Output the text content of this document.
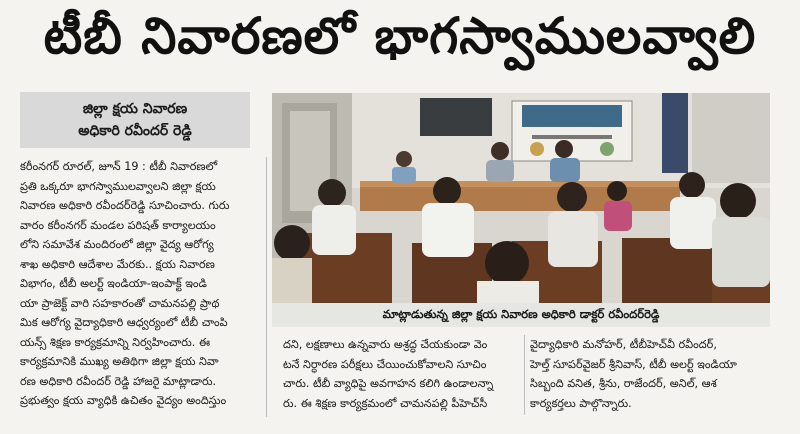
టీబీ నివారణలో భాగస్వాములవ్వాలి
జిల్లా క్షయ నివారణ
అధికారి రవీందర్ రెడ్డి

కరీంనగర్ రూరల్, జూన్ 19 : టీబీ నివారణలో

ప్రతి ఒక్కరూ భాగస్వాములవ్వాలని జిల్లా క్షయ

నివారణ అధికారి రవీందర్‌రెడ్డి సూచించారు. గురు

వారం కరీంనగర్ మండల పరిషత్ కార్యాలయం

లోని సమావేశ మందిరంలో జిల్లా వైద్య ఆరోగ్య

శాఖ అధికారి ఆదేశాల మేరకు.. క్షయ నివారణ

విభాగం, టీబీ అలర్ట్ ఇండియా-ఇంపాక్ట్ ఇండి

యా ప్రాజెక్ట్ వారి సహకారంతో చామనపల్లి ప్రాథ

మిక ఆరోగ్య వైద్యాధికారి ఆధ్వర్యంలో టీబీ చాంపి

యన్స్ శిక్షణ కార్యక్రమాన్ని నిర్వహించారు. ఈ

కార్యక్రమానికి ముఖ్య అతిథిగా జిల్లా క్షయ నివా

రణ అధికారి రవీందర్ రెడ్డి హాజరై మాట్లాడారు.

ప్రభుత్వం క్షయ వ్యాధికి ఉచితం వైద్యం అందిస్తుం

మాట్లాడుతున్న జిల్లా క్షయ నివారణ అధికారి డాక్టర్ రవీందర్‌రెడ్డి

దని, లక్షణాలు ఉన్నవారు అశ్రద్ధ చేయకుండా వెం

టనే నిర్ధారణ పరీక్షలు చేయించుకోవాలని సూచిం

చారు. టీబీ వ్యాధిపై అవగాహన కలిగి ఉండాలన్నా

రు. ఈ శిక్షణ కార్యక్రమంలో చామనపల్లి పీహెచ్‌సీ

వైద్యాధికారి మనోహర్, టీబీహెచ్‌వీ రవీందర్,

హెల్త్ సూపర్‌వైజర్ శ్రీనివాస్, టీబీ అలర్ట్ ఇండియా

సిబ్బంది వనిత, శ్రీను, రాజేందర్, అనిల్, ఆశ

కార్యకర్తలు పాల్గొన్నారు.
